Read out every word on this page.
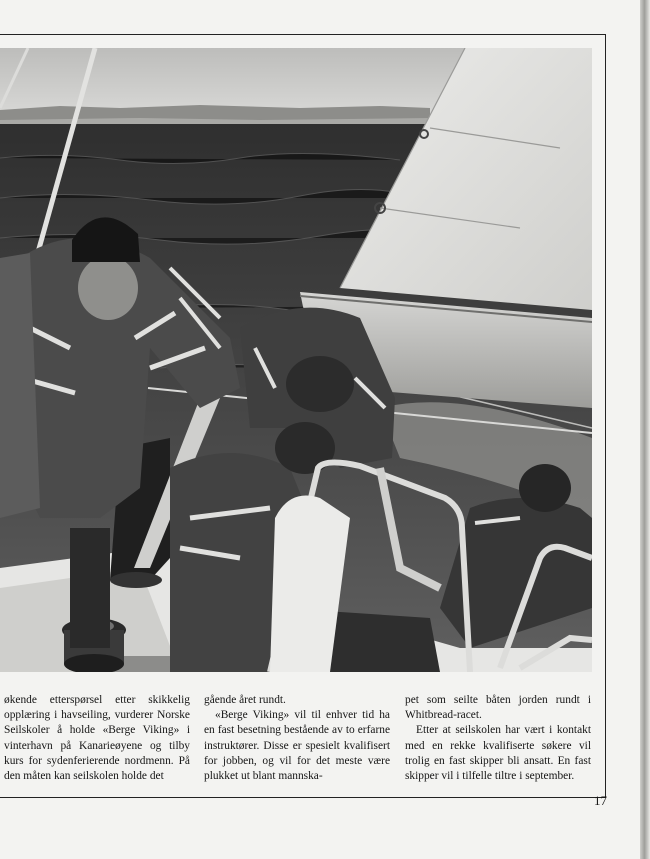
økende etterspørsel etter skikkelig opplæring i havseiling, vurderer Norske Seilskoler å holde «Berge Viking» i vinterhavn på Kanarieøyene og tilby kurs for sydenferierende nordmenn. På den måten kan seilskolen holde det

gående året rundt.

«Berge Viking» vil til enhver tid ha en fast besetning bestående av to erfarne instruktører. Disse er spesielt kvalifisert for jobben, og vil for det meste være plukket ut blant mannska-

pet som seilte båten jorden rundt i Whitbread-racet.

Etter at seilskolen har vært i kontakt med en rekke kvalifiserte søkere vil trolig en fast skipper bli ansatt. En fast skipper vil i tilfelle tiltre i september.

17
